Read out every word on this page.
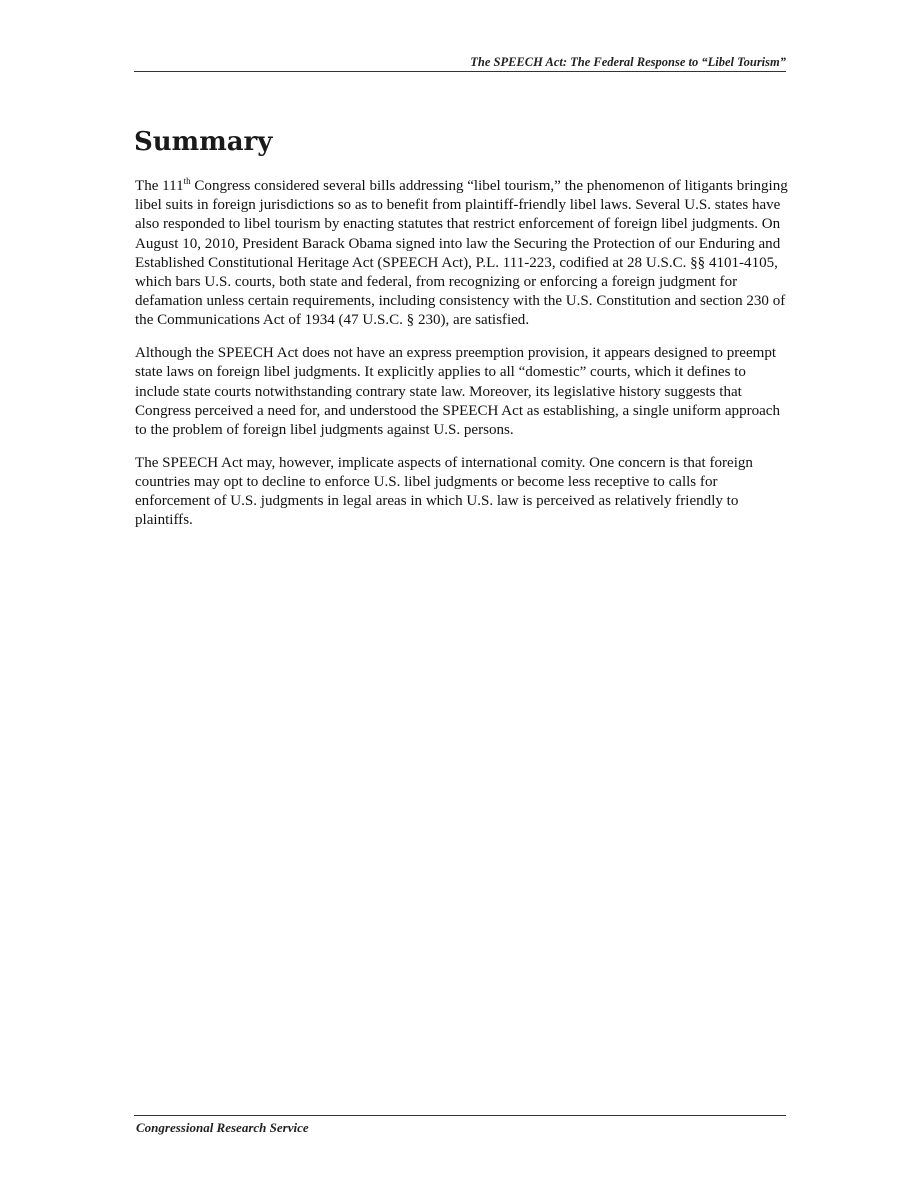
The SPEECH Act: The Federal Response to “Libel Tourism”
Summary

The 111th Congress considered several bills addressing “libel tourism,” the phenomenon of litigants bringing libel suits in foreign jurisdictions so as to benefit from plaintiff-friendly libel laws. Several U.S. states have also responded to libel tourism by enacting statutes that restrict enforcement of foreign libel judgments. On August 10, 2010, President Barack Obama signed into law the Securing the Protection of our Enduring and Established Constitutional Heritage Act (SPEECH Act), P.L. 111-223, codified at 28 U.S.C. §§ 4101-4105, which bars U.S. courts, both state and federal, from recognizing or enforcing a foreign judgment for defamation unless certain requirements, including consistency with the U.S. Constitution and section 230 of the Communications Act of 1934 (47 U.S.C. § 230), are satisfied.

Although the SPEECH Act does not have an express preemption provision, it appears designed to preempt state laws on foreign libel judgments. It explicitly applies to all “domestic” courts, which it defines to include state courts notwithstanding contrary state law. Moreover, its legislative history suggests that Congress perceived a need for, and understood the SPEECH Act as establishing, a single uniform approach to the problem of foreign libel judgments against U.S. persons.

The SPEECH Act may, however, implicate aspects of international comity. One concern is that foreign countries may opt to decline to enforce U.S. libel judgments or become less receptive to calls for enforcement of U.S. judgments in legal areas in which U.S. law is perceived as relatively friendly to plaintiffs.

Congressional Research Service
